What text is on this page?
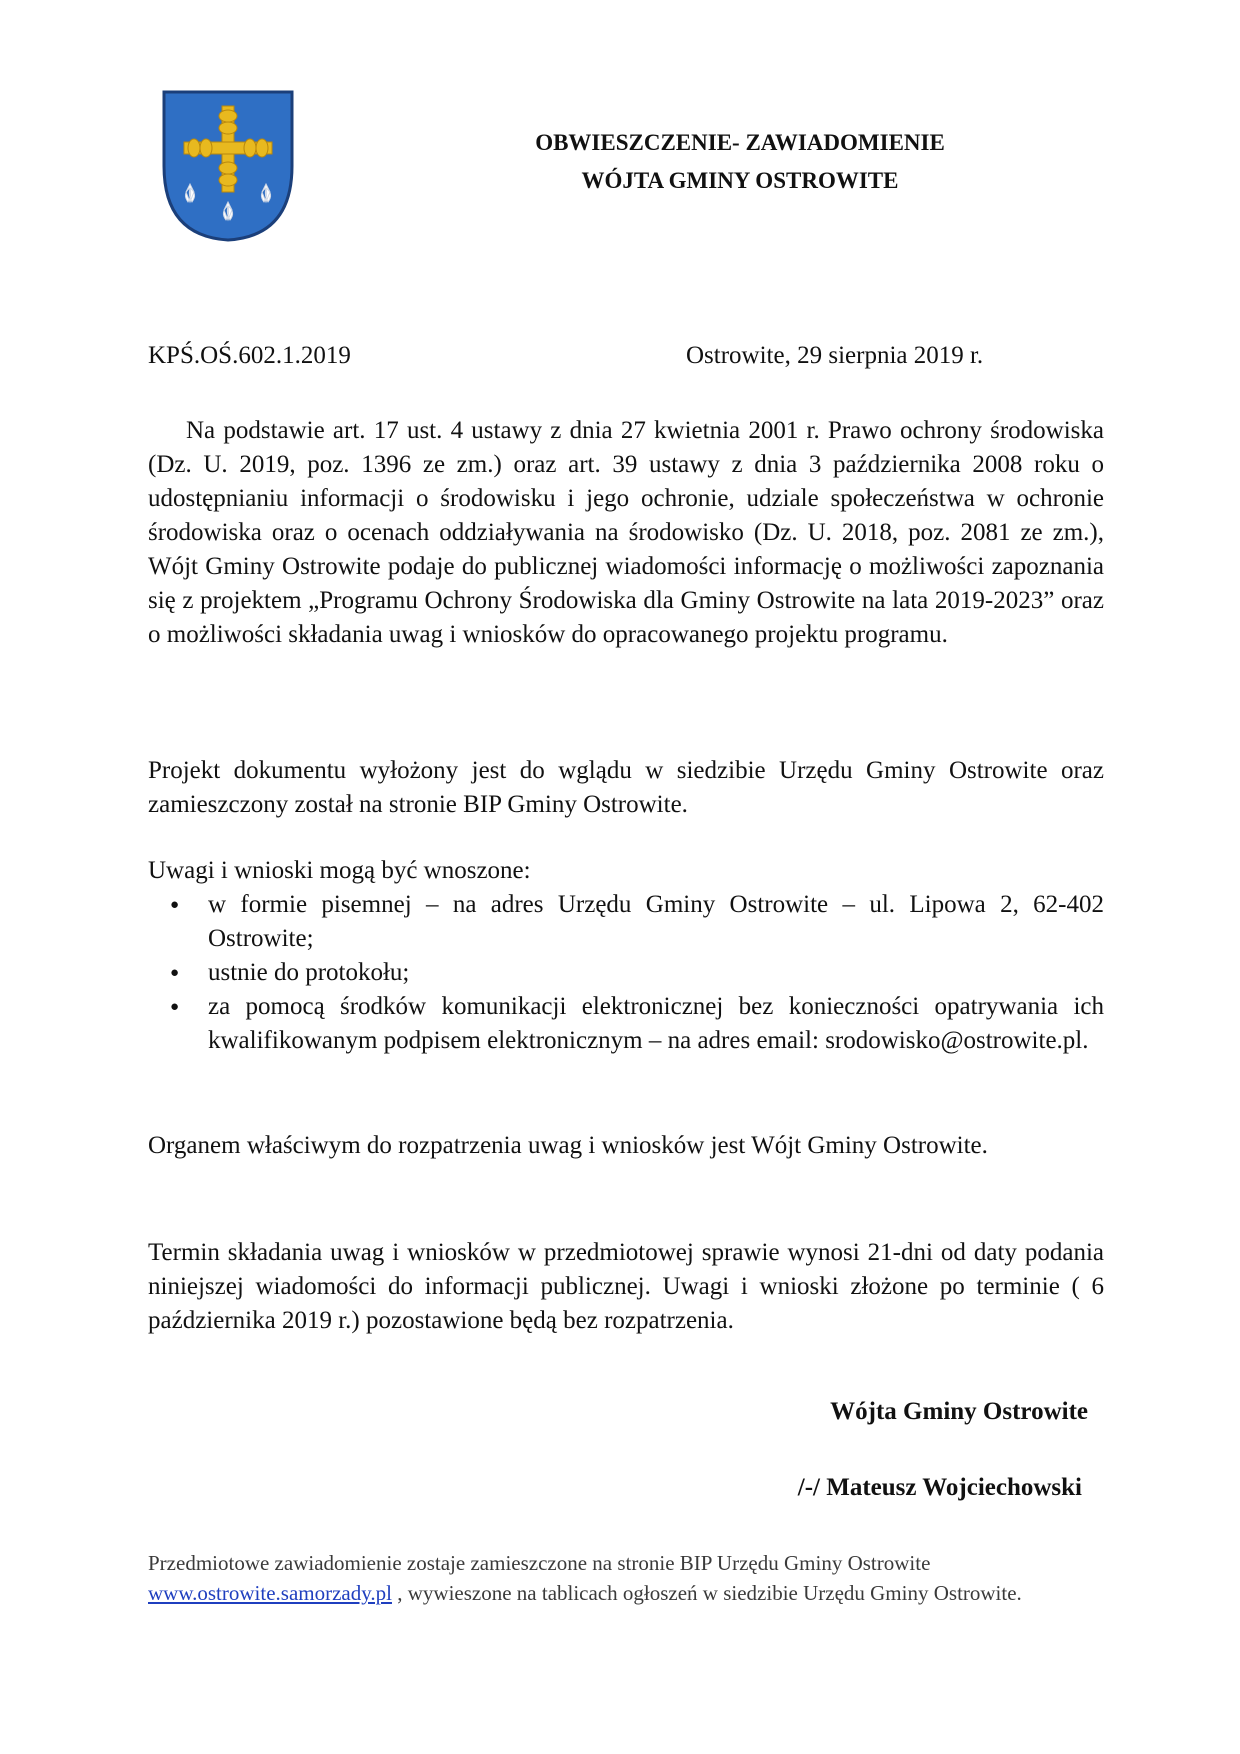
OBWIESZCZENIE- ZAWIADOMIENIE
WÓJTA GMINY OSTROWITE
KPŚ.OŚ.602.1.2019	Ostrowite, 29 sierpnia 2019 r.

Na podstawie art. 17 ust. 4 ustawy z dnia 27 kwietnia 2001 r. Prawo ochrony środowiska (Dz. U. 2019, poz. 1396 ze zm.) oraz art. 39 ustawy z dnia 3 października 2008 roku o udostępnianiu informacji o środowisku i jego ochronie, udziale społeczeństwa w ochronie środowiska oraz o ocenach oddziaływania na środowisko (Dz. U. 2018, poz. 2081 ze zm.), Wójt Gminy Ostrowite podaje do publicznej wiadomości informację o możliwości zapoznania się z projektem „Programu Ochrony Środowiska dla Gminy Ostrowite na lata 2019-2023” oraz o możliwości składania uwag i wniosków do opracowanego projektu programu.

Projekt dokumentu wyłożony jest do wglądu w siedzibie Urzędu Gminy Ostrowite oraz zamieszczony został na stronie BIP Gminy Ostrowite.

Uwagi i wnioski mogą być wnoszone:

● w formie pisemnej – na adres Urzędu Gminy Ostrowite – ul. Lipowa 2, 62-402 Ostrowite;
● ustnie do protokołu;
● za pomocą środków komunikacji elektronicznej bez konieczności opatrywania ich kwalifikowanym podpisem elektronicznym – na adres email: srodowisko@ostrowite.pl.

Organem właściwym do rozpatrzenia uwag i wniosków jest Wójt Gminy Ostrowite.

Termin składania uwag i wniosków w przedmiotowej sprawie wynosi 21-dni od daty podania niniejszej wiadomości do informacji publicznej. Uwagi i wnioski złożone po terminie ( 6 października 2019 r.) pozostawione będą bez rozpatrzenia.

Wójta Gminy Ostrowite
/-/ Mateusz Wojciechowski

Przedmiotowe zawiadomienie zostaje zamieszczone na stronie BIP Urzędu Gminy Ostrowite www.ostrowite.samorzady.pl , wywieszone na tablicach ogłoszeń w siedzibie Urzędu Gminy Ostrowite.
